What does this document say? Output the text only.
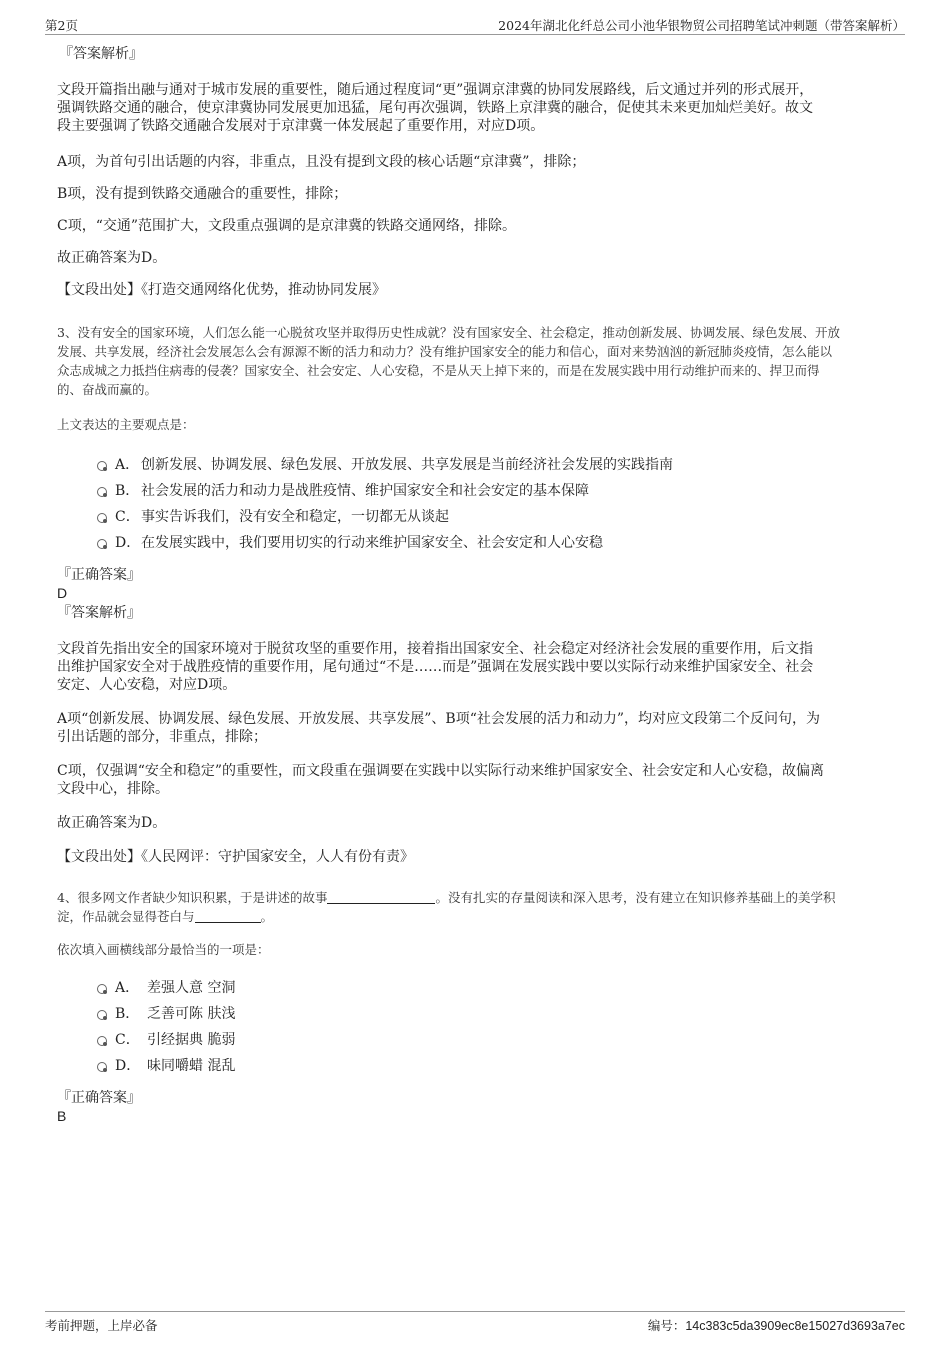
第2页	2024年湖北化纤总公司小池华银物贸公司招聘笔试冲刺题（带答案解析）

『答案解析』

文段开篇指出融与通对于城市发展的重要性，随后通过程度词“更”强调京津冀的协同发展路线，后文通过并列的形式展开，

强调铁路交通的融合，使京津冀协同发展更加迅猛，尾句再次强调，铁路上京津冀的融合，促使其未来更加灿烂美好。故文

段主要强调了铁路交通融合发展对于京津冀一体发展起了重要作用，对应D项。

A项，为首句引出话题的内容，非重点，且没有提到文段的核心话题“京津冀”，排除；

B项，没有提到铁路交通融合的重要性，排除；

C项，“交通”范围扩大，文段重点强调的是京津冀的铁路交通网络，排除。

故正确答案为D。

【文段出处】《打造交通网络化优势，推动协同发展》

3、没有安全的国家环境，人们怎么能一心脱贫攻坚并取得历史性成就？没有国家安全、社会稳定，推动创新发展、协调发展、绿色发展、开放

发展、共享发展，经济社会发展怎么会有源源不断的活力和动力？没有维护国家安全的能力和信心，面对来势汹汹的新冠肺炎疫情，怎么能以

众志成城之力抵挡住病毒的侵袭？国家安全、社会安定、人心安稳，不是从天上掉下来的，而是在发展实践中用行动维护而来的、捍卫而得

的、奋战而赢的。

上文表达的主要观点是：

A． 创新发展、协调发展、绿色发展、开放发展、共享发展是当前经济社会发展的实践指南
B． 社会发展的活力和动力是战胜疫情、维护国家安全和社会安定的基本保障
C．事实告诉我们，没有安全和稳定，一切都无从谈起
D．在发展实践中，我们要用切实的行动来维护国家安全、社会安定和人心安稳

『正确答案』

D

『答案解析』

文段首先指出安全的国家环境对于脱贫攻坚的重要作用，接着指出国家安全、社会稳定对经济社会发展的重要作用，后文指

出维护国家安全对于战胜疫情的重要作用，尾句通过“不是……而是”强调在发展实践中要以实际行动来维护国家安全、社会

安定、人心安稳，对应D项。

A项“创新发展、协调发展、绿色发展、开放发展、共享发展”、B项“社会发展的活力和动力”，均对应文段第二个反问句，为

引出话题的部分，非重点，排除；

C项，仅强调“安全和稳定”的重要性，而文段重在强调要在实践中以实际行动来维护国家安全、社会安定和人心安稳，故偏离

文段中心，排除。

故正确答案为D。

【文段出处】《人民网评：守护国家安全，人人有份有责》

4、很多网文作者缺少知识积累，于是讲述的故事	。没有扎实的存量阅读和深入思考，没有建立在知识修养基础上的美学积

淀，作品就会显得苍白与	。

依次填入画横线部分最恰当的一项是：

A． 差强人意 空洞
B． 乏善可陈 肤浅
C． 引经据典 脆弱
D． 味同嚼蜡 混乱

『正确答案』

B

考前押题，上岸必备	编号：14c383c5da3909ec8e15027d3693a7ec
